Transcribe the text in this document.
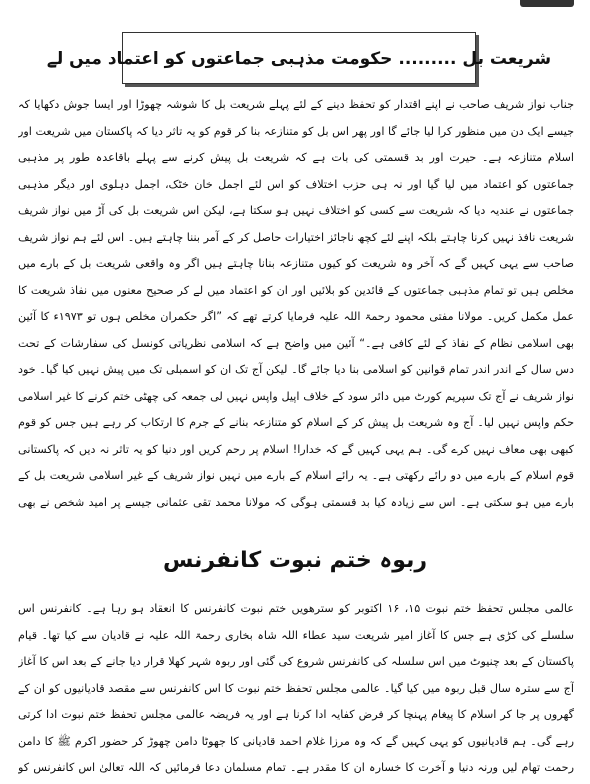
شریعت بل ......... حکومت مذہبی جماعتوں کو اعتماد میں لے

جناب نواز شریف صاحب نے اپنے اقتدار کو تحفظ دینے کے لئے پہلے شریعت بل کا شوشہ چھوڑا اور ایسا جوش دکھایا کہ جیسے ایک دن میں منظور کرا لیا جائے گا اور پھر اس بل کو متنازعہ بنا کر قوم کو یہ تاثر دیا کہ پاکستان میں شریعت اور اسلام متنازعہ ہے۔ حیرت اور بد قسمتی کی بات ہے کہ شریعت بل پیش کرنے سے پہلے باقاعدہ طور پر مذہبی جماعتوں کو اعتماد میں لیا گیا اور نہ ہی حزب اختلاف کو اس لئے اجمل خان خٹک، اجمل دہلوی اور دیگر مذہبی جماعتوں نے عندیہ دیا کہ شریعت سے کسی کو اختلاف نہیں ہو سکتا ہے، لیکن اس شریعت بل کی آڑ میں نواز شریف شریعت نافذ نہیں کرنا چاہتے بلکہ اپنے لئے کچھ ناجائز اختیارات حاصل کر کے آمر بننا چاہتے ہیں۔ اس لئے ہم نواز شریف صاحب سے یہی کہیں گے کہ آخر وہ شریعت کو کیوں متنازعہ بنانا چاہتے ہیں اگر وہ واقعی شریعت بل کے بارے میں مخلص ہیں تو تمام مذہبی جماعتوں کے قائدین کو بلائیں اور ان کو اعتماد میں لے کر صحیح معنوں میں نفاذ شریعت کا عمل مکمل کریں۔ مولانا مفتی محمود رحمۃ اللہ علیہ فرمایا کرتے تھے کہ ”اگر حکمران مخلص ہوں تو ۱۹۷۳ء کا آئین بھی اسلامی نظام کے نفاذ کے لئے کافی ہے۔“ آئین میں واضح ہے کہ اسلامی نظریاتی کونسل کی سفارشات کے تحت دس سال کے اندر اندر تمام قوانین کو اسلامی بنا دیا جائے گا۔ لیکن آج تک ان کو اسمبلی تک میں پیش نہیں کیا گیا۔ خود نواز شریف نے آج تک سپریم کورٹ میں دائر سود کے خلاف اپیل واپس نہیں لی جمعہ کی چھٹی ختم کرنے کا غیر اسلامی حکم واپس نہیں لیا۔ آج وہ شریعت بل پیش کر کے اسلام کو متنازعہ بنانے کے جرم کا ارتکاب کر رہے ہیں جس کو قوم کبھی بھی معاف نہیں کرے گی۔ ہم یہی کہیں گے کہ خدارا! اسلام پر رحم کریں اور دنیا کو یہ تاثر نہ دیں کہ پاکستانی قوم اسلام کے بارے میں دو رائے رکھتی ہے۔ یہ رائے اسلام کے بارے میں نہیں نواز شریف کے غیر اسلامی شریعت بل کے بارے میں ہو سکتی ہے۔ اس سے زیادہ کیا بد قسمتی ہوگی کہ مولانا محمد تقی عثمانی جیسے پر امید شخص نے بھی

ربوہ ختم نبوت کانفرنس

عالمی مجلس تحفظ ختم نبوت ۱۵، ۱۶ اکتوبر کو سترھویں ختم نبوت کانفرنس کا انعقاد ہو رہا ہے۔ کانفرنس اس سلسلے کی کڑی ہے جس کا آغاز امیر شریعت سید عطاء اللہ شاہ بخاری رحمۃ اللہ علیہ نے قادیان سے کیا تھا۔ قیام پاکستان کے بعد چنیوٹ میں اس سلسلہ کی کانفرنس شروع کی گئی اور ربوہ شہر کھلا قرار دیا جانے کے بعد اس کا آغاز آج سے سترہ سال قبل ربوہ میں کیا گیا۔ عالمی مجلس تحفظ ختم نبوت کا اس کانفرنس سے مقصد قادیانیوں کو ان کے گھروں پر جا کر اسلام کا پیغام پہنچا کر فرض کفایہ ادا کرنا ہے اور یہ فریضہ عالمی مجلس تحفظ ختم نبوت ادا کرتی رہے گی۔ ہم قادیانیوں کو یہی کہیں گے کہ وہ مرزا غلام احمد قادیانی کا جھوٹا دامن چھوڑ کر حضور اکرم ﷺ کا دامن رحمت تھام لیں ورنہ دنیا و آخرت کا خسارہ ان کا مقدر ہے۔ تمام مسلمان دعا فرمائیں کہ اللہ تعالیٰ اس کانفرنس کو
